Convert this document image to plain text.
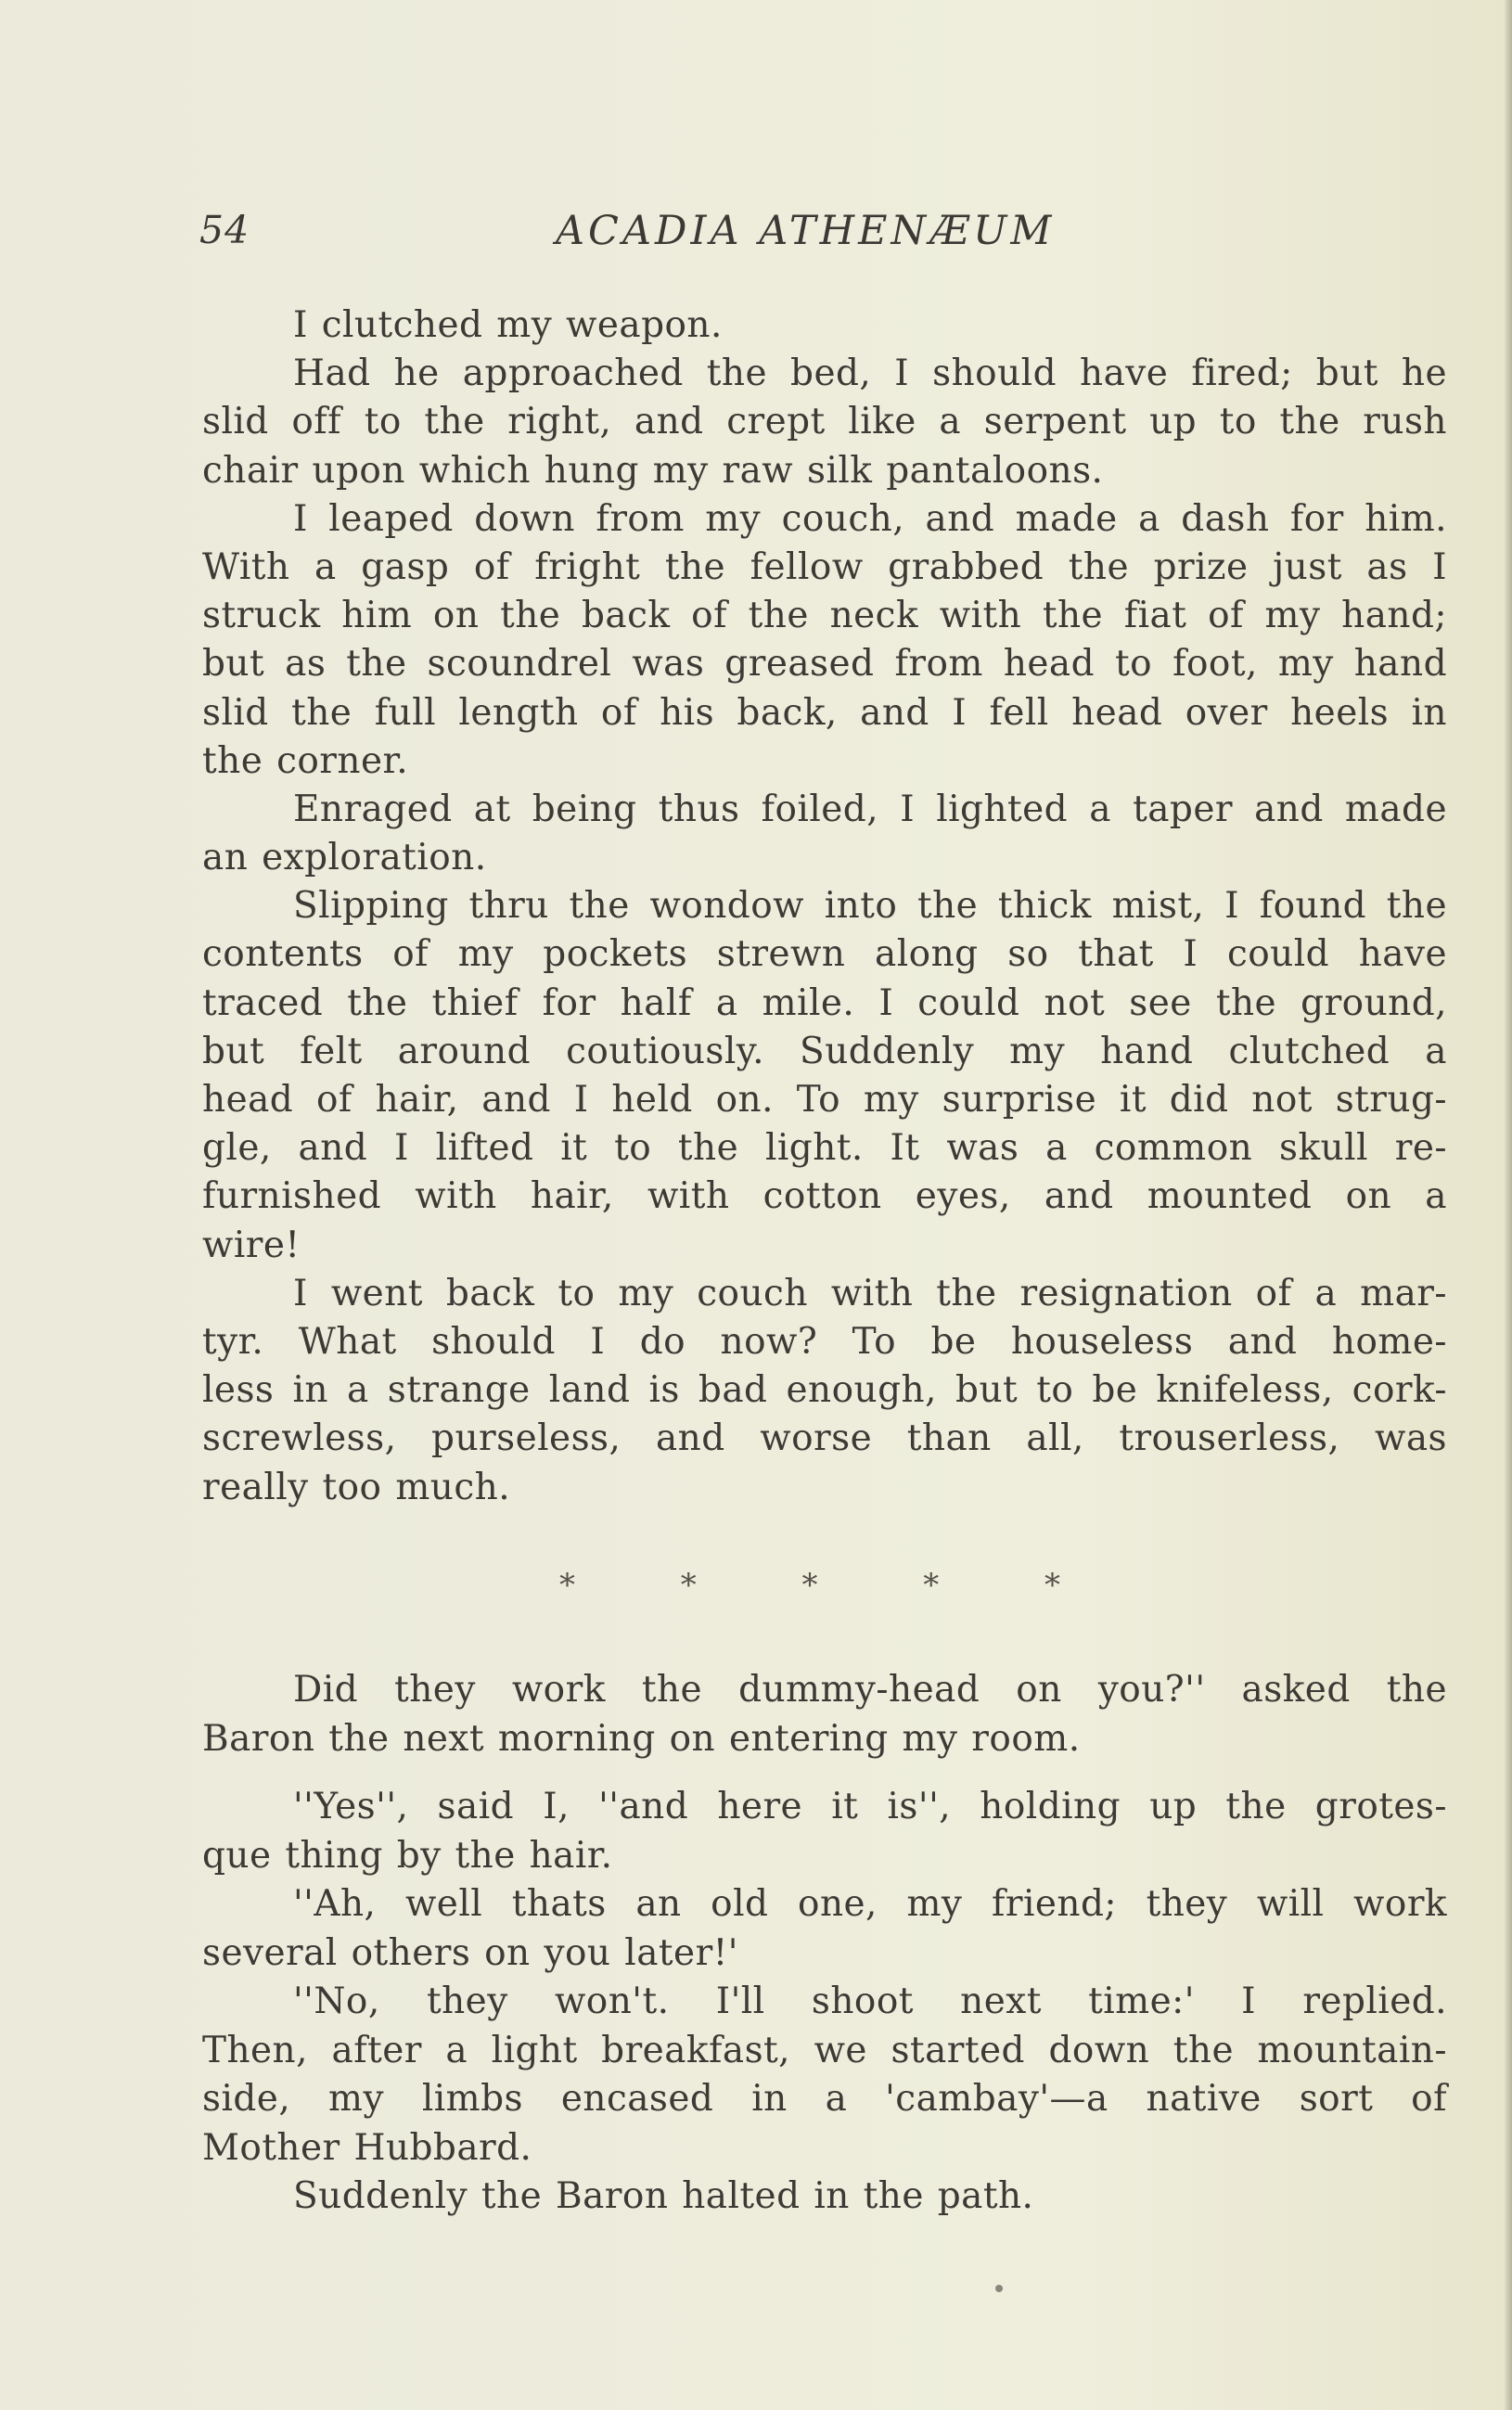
54	ACADIA ATHENÆUM
I clutched my weapon.
Had he approached the bed, I should have fired; but he
slid off to the right, and crept like a serpent up to the rush
chair upon which hung my raw silk pantaloons.
I leaped down from my couch, and made a dash for him.
With a gasp of fright the fellow grabbed the prize just as I
struck him on the back of the neck with the fiat of my hand;
but as the scoundrel was greased from head to foot, my hand
slid the full length of his back, and I fell head over heels in
the corner.
Enraged at being thus foiled, I lighted a taper and made
an exploration.
Slipping thru the wondow into the thick mist, I found the
contents of my pockets strewn along so that I could have
traced the thief for half a mile. I could not see the ground,
but felt around coutiously. Suddenly my hand clutched a
head of hair, and I held on. To my surprise it did not strug-
gle, and I lifted it to the light. It was a common skull re-
furnished with hair, with cotton eyes, and mounted on a
wire!
I went back to my couch with the resignation of a mar-
tyr. What should I do now? To be houseless and home-
less in a strange land is bad enough, but to be knifeless, cork-
screwless, purseless, and worse than all, trouserless, was
really too much.
*	*	*	*	*
Did they work the dummy-head on you?'' asked the
Baron the next morning on entering my room.
''Yes'', said I, ''and here it is'', holding up the grotes-
que thing by the hair.
''Ah, well thats an old one, my friend; they will work
several others on you later!'
''No, they won't. I'll shoot next time:' I replied.
Then, after a light breakfast, we started down the mountain-
side, my limbs encased in a 'cambay'—a native sort of
Mother Hubbard.
Suddenly the Baron halted in the path.
